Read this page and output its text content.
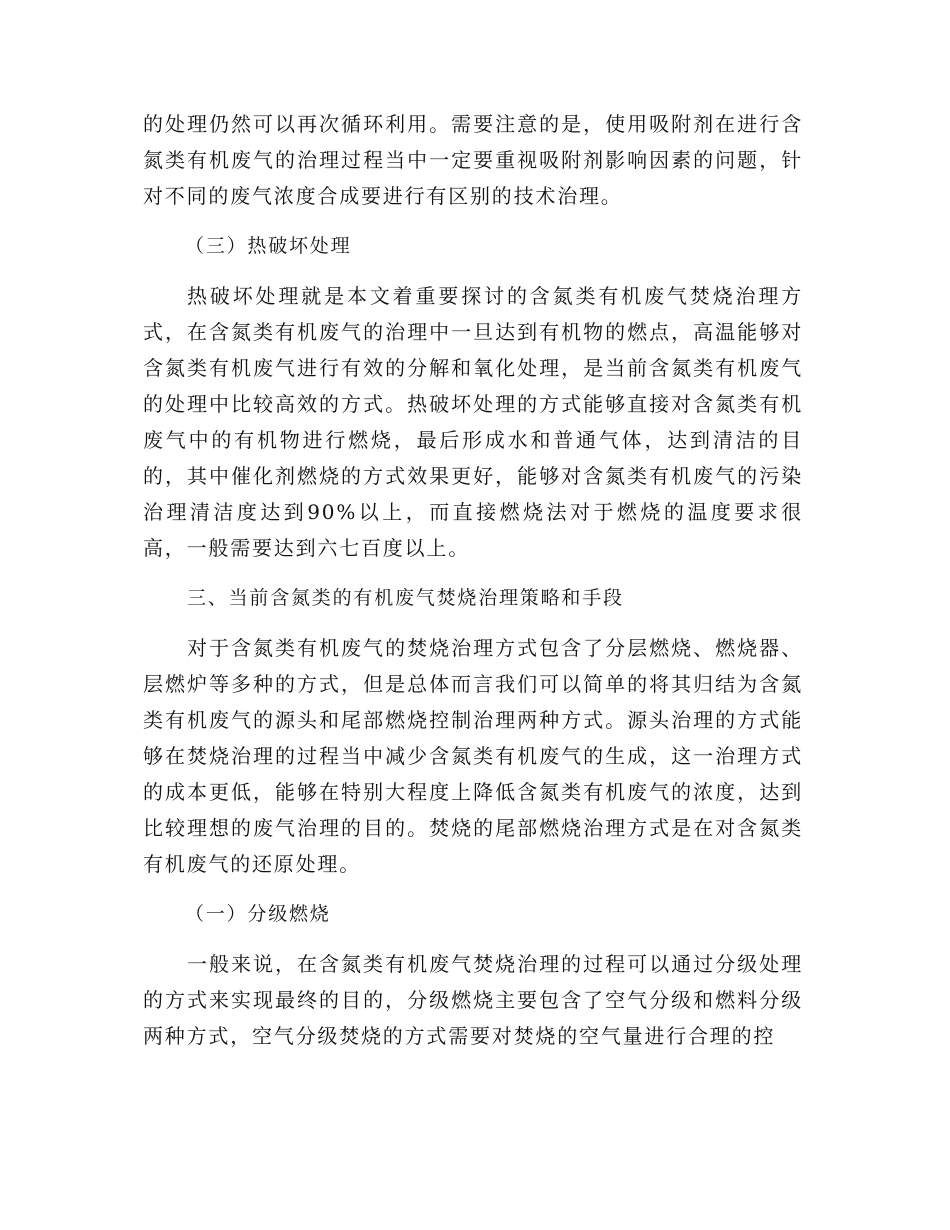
的处理仍然可以再次循环利用。需要注意的是，使用吸附剂在进行含氮类有机废气的治理过程当中一定要重视吸附剂影响因素的问题，针对不同的废气浓度合成要进行有区别的技术治理。

（三）热破坏处理

热破坏处理就是本文着重要探讨的含氮类有机废气焚烧治理方式，在含氮类有机废气的治理中一旦达到有机物的燃点，高温能够对含氮类有机废气进行有效的分解和氧化处理，是当前含氮类有机废气的处理中比较高效的方式。热破坏处理的方式能够直接对含氮类有机废气中的有机物进行燃烧，最后形成水和普通气体，达到清洁的目的，其中催化剂燃烧的方式效果更好，能够对含氮类有机废气的污染治理清洁度达到90%以上，而直接燃烧法对于燃烧的温度要求很高，一般需要达到六七百度以上。

三、当前含氮类的有机废气焚烧治理策略和手段

对于含氮类有机废气的焚烧治理方式包含了分层燃烧、燃烧器、层燃炉等多种的方式，但是总体而言我们可以简单的将其归结为含氮类有机废气的源头和尾部燃烧控制治理两种方式。源头治理的方式能够在焚烧治理的过程当中减少含氮类有机废气的生成，这一治理方式的成本更低，能够在特别大程度上降低含氮类有机废气的浓度，达到比较理想的废气治理的目的。焚烧的尾部燃烧治理方式是在对含氮类有机废气的还原处理。

（一）分级燃烧

一般来说，在含氮类有机废气焚烧治理的过程可以通过分级处理的方式来实现最终的目的，分级燃烧主要包含了空气分级和燃料分级两种方式，空气分级焚烧的方式需要对焚烧的空气量进行合理的控
